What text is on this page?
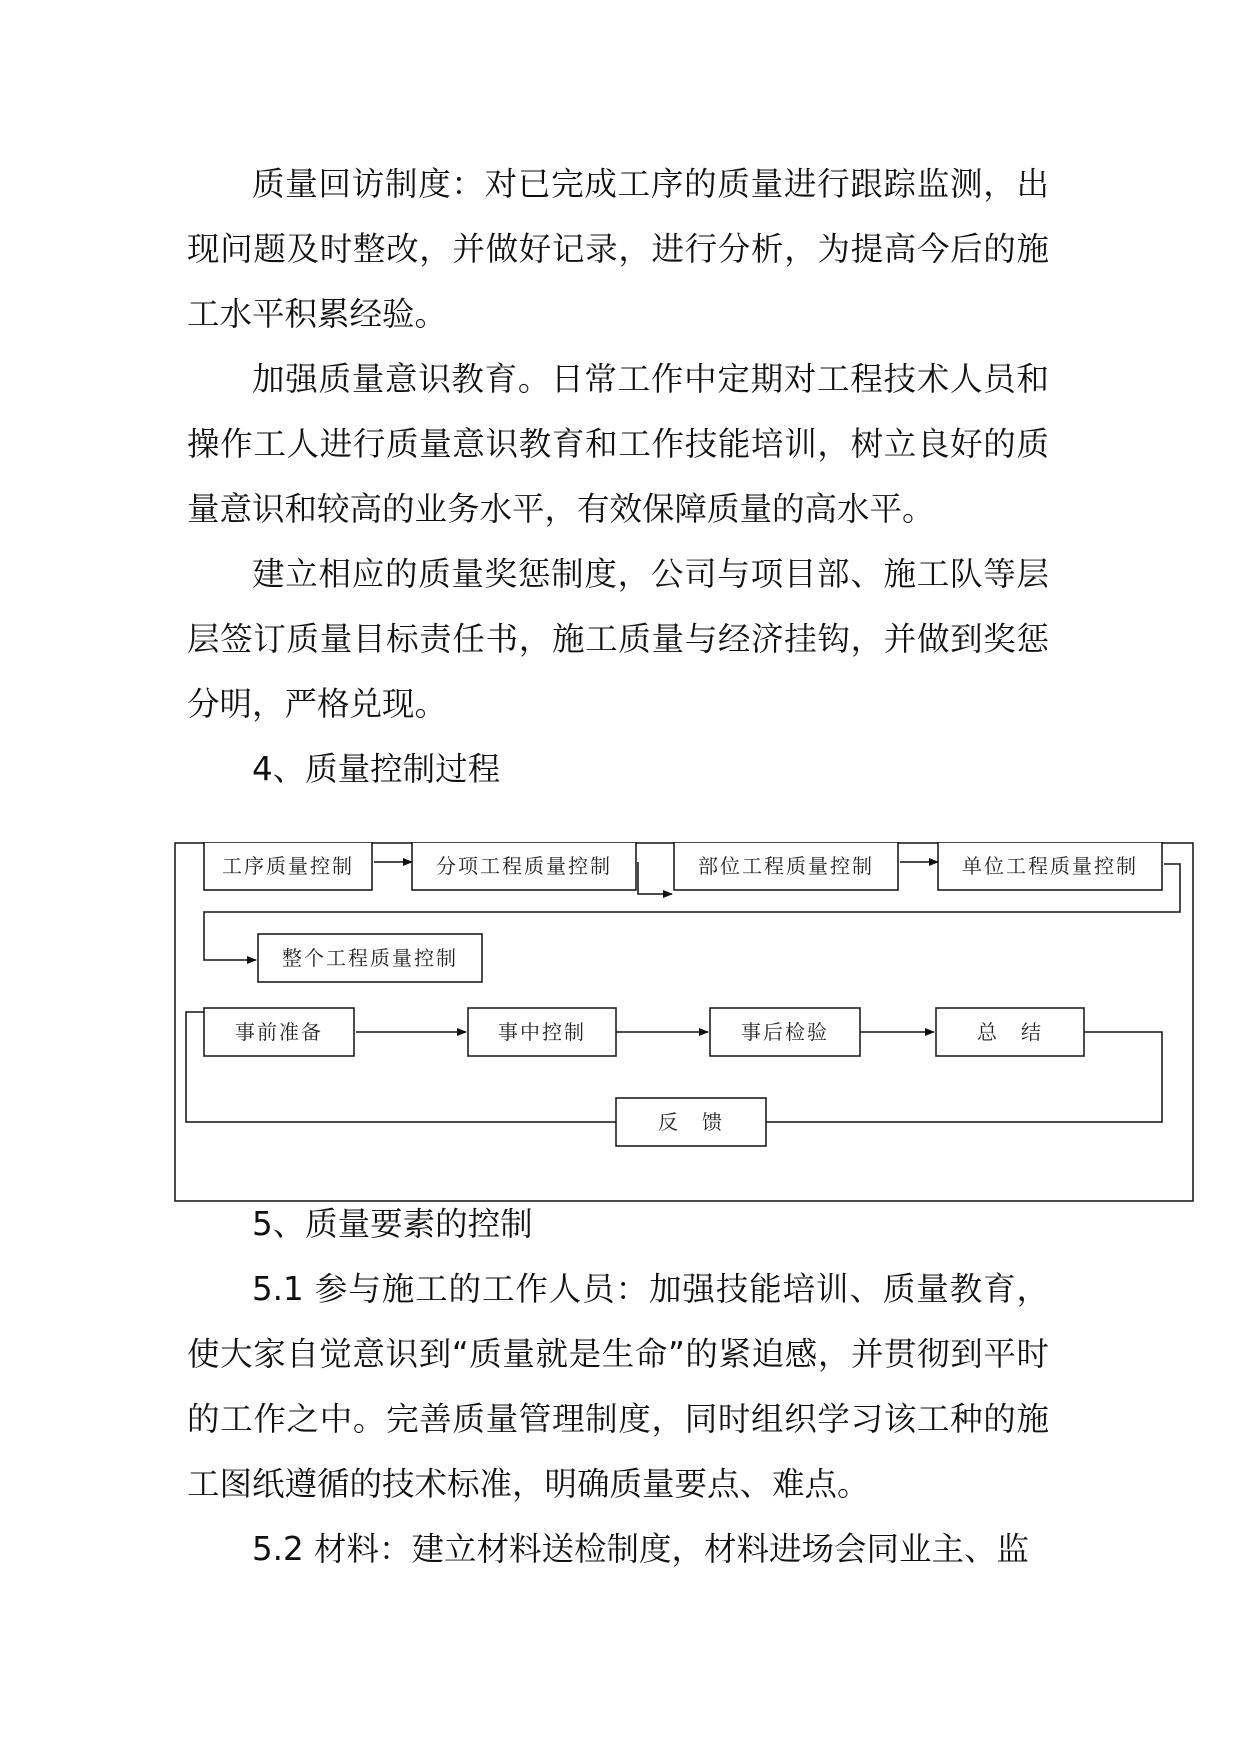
质量回访制度：对已完成工序的质量进行跟踪监测，出现问题及时整改，并做好记录，进行分析，为提高今后的施工水平积累经验。

加强质量意识教育。日常工作中定期对工程技术人员和操作工人进行质量意识教育和工作技能培训，树立良好的质量意识和较高的业务水平，有效保障质量的高水平。

建立相应的质量奖惩制度，公司与项目部、施工队等层层签订质量目标责任书，施工质量与经济挂钩，并做到奖惩分明，严格兑现。

4、质量控制过程

工序质量控制	分项工程质量控制	部位工程质量控制	单位工程质量控制
整个工程质量控制
事前准备	事中控制	事后检验	总　结
反　馈

5、质量要素的控制

5.1 参与施工的工作人员：加强技能培训、质量教育，使大家自觉意识到“质量就是生命”的紧迫感，并贯彻到平时的工作之中。完善质量管理制度，同时组织学习该工种的施工图纸遵循的技术标准，明确质量要点、难点。

5.2 材料：建立材料送检制度，材料进场会同业主、监
